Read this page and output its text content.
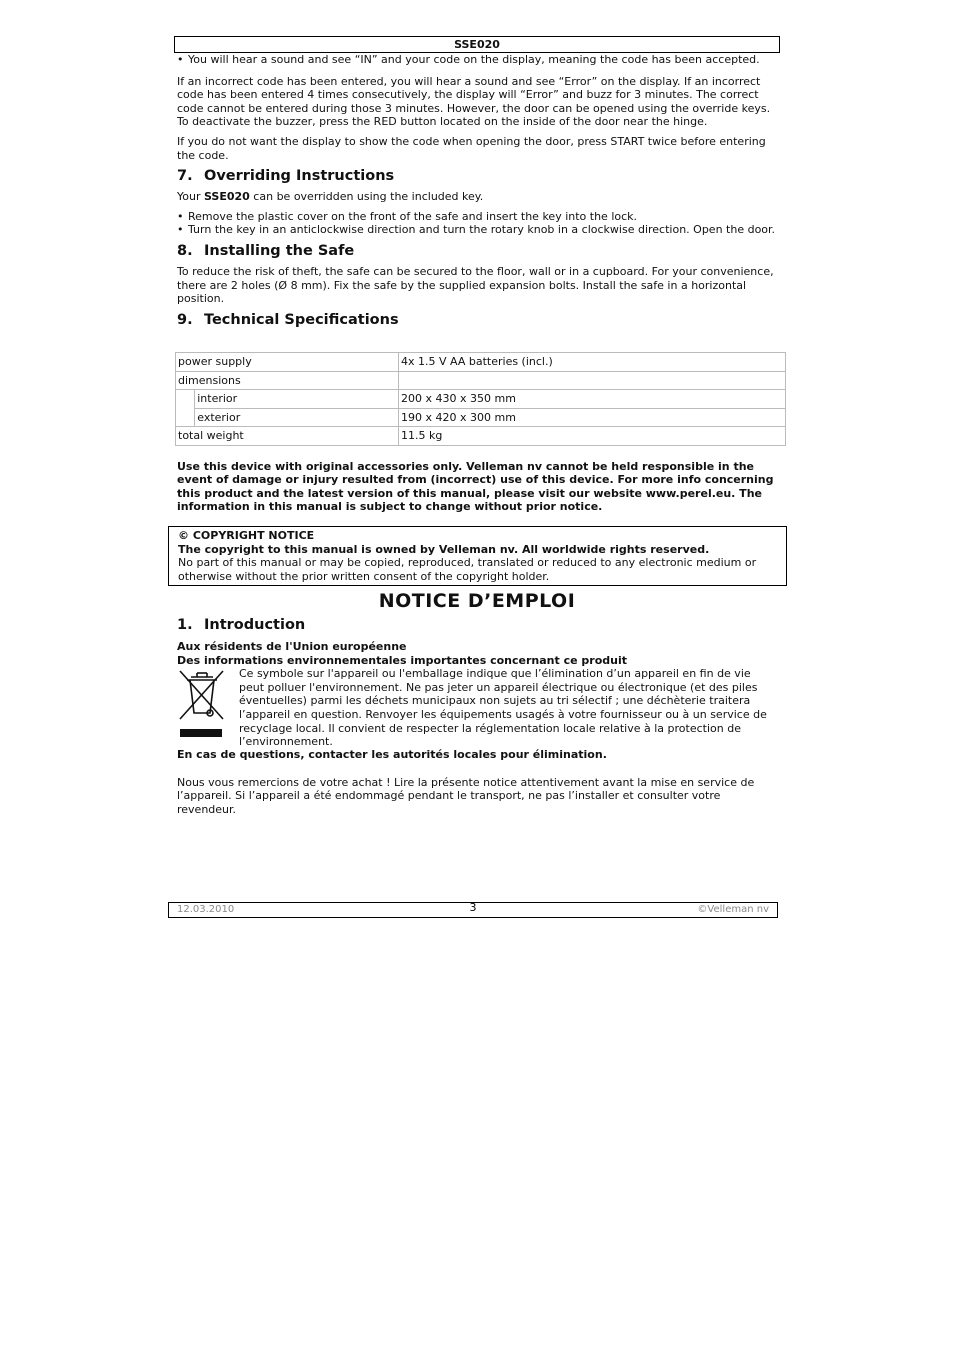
SSE020
• You will hear a sound and see “IN” and your code on the display, meaning the code has been accepted.

If an incorrect code has been entered, you will hear a sound and see “Error” on the display. If an incorrect code has been entered 4 times consecutively, the display will “Error” and buzz for 3 minutes. The correct code cannot be entered during those 3 minutes. However, the door can be opened using the override keys. To deactivate the buzzer, press the RED button located on the inside of the door near the hinge.

If you do not want the display to show the code when opening the door, press START twice before entering the code.

7. Overriding Instructions

Your SSE020 can be overridden using the included key.

• Remove the plastic cover on the front of the safe and insert the key into the lock.
• Turn the key in an anticlockwise direction and turn the rotary knob in a clockwise direction. Open the door.
8. Installing the Safe

To reduce the risk of theft, the safe can be secured to the floor, wall or in a cupboard. For your convenience, there are 2 holes (Ø 8 mm). Fix the safe by the supplied expansion bolts. Install the safe in a horizontal position.

9. Technical Specifications
power supply		4x 1.5 V AA batteries (incl.)
dimensions		
	interior	200 x 430 x 350 mm
	exterior	190 x 420 x 300 mm
total weight		11.5 kg
Use this device with original accessories only. Velleman nv cannot be held responsible in the event of damage or injury resulted from (incorrect) use of this device. For more info concerning this product and the latest version of this manual, please visit our website www.perel.eu. The information in this manual is subject to change without prior notice.
© COPYRIGHT NOTICE
The copyright to this manual is owned by Velleman nv. All worldwide rights reserved.
No part of this manual or may be copied, reproduced, translated or reduced to any electronic medium or otherwise without the prior written consent of the copyright holder.
NOTICE D’EMPLOI
1. Introduction

Aux résidents de l'Union européenne

Des informations environnementales importantes concernant ce produit

Ce symbole sur l'appareil ou l'emballage indique que l’élimination d’un appareil en fin de vie peut polluer l'environnement. Ne pas jeter un appareil électrique ou électronique (et des piles éventuelles) parmi les déchets municipaux non sujets au tri sélectif ; une déchèterie traitera l’appareil en question. Renvoyer les équipements usagés à votre fournisseur ou à un service de recyclage local. Il convient de respecter la réglementation locale relative à la protection de l’environnement.

En cas de questions, contacter les autorités locales pour élimination.

Nous vous remercions de votre achat ! Lire la présente notice attentivement avant la mise en service de l’appareil. Si l’appareil a été endommagé pendant le transport, ne pas l’installer et consulter votre revendeur.

12.03.2010	3	©Velleman nv
